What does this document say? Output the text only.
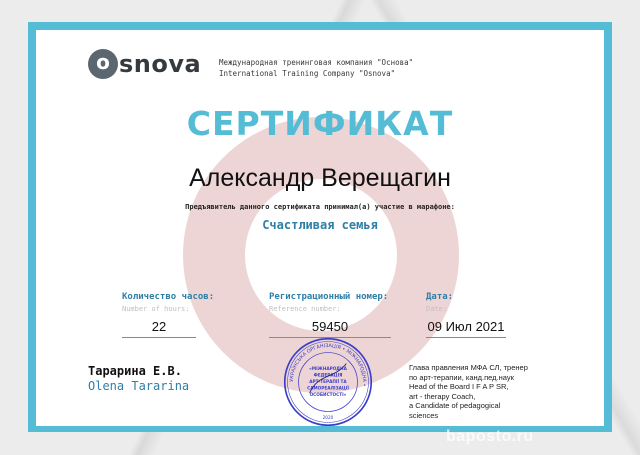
o snova Международная тренинговая компания "Основа"
International Training Company "Osnova"
СЕРТИФИКАТ
Александр Верещагин
Предъявитель данного сертификата принимал(а) участие в марафоне:
Счастливая семья
Количество часов:
Number of hours:
22
Регистрационный номер:
Reference number:
59450
Дата:
Date:
09 Июл 2021
Тарарина Е.В.
Olena Tararina	УКРАЇНСЬКА ОРГАНІЗАЦІЯ • МІЖНАРОДНА •
«МІЖНАРОДНА
ФЕДЕРАЦІЯ
АРТ-ТЕРАПІЇ ТА
САМОРЕАЛІЗАЦІЇ
ОСОБИСТОСТІ»
2020
Глава правления МФА СЛ, тренер
по арт-терапии, канд.пед.наук
Head of the Board I F A P SR,
art - therapy Coach,
a Candidate of pedagogical
sciences
baposto.ru
